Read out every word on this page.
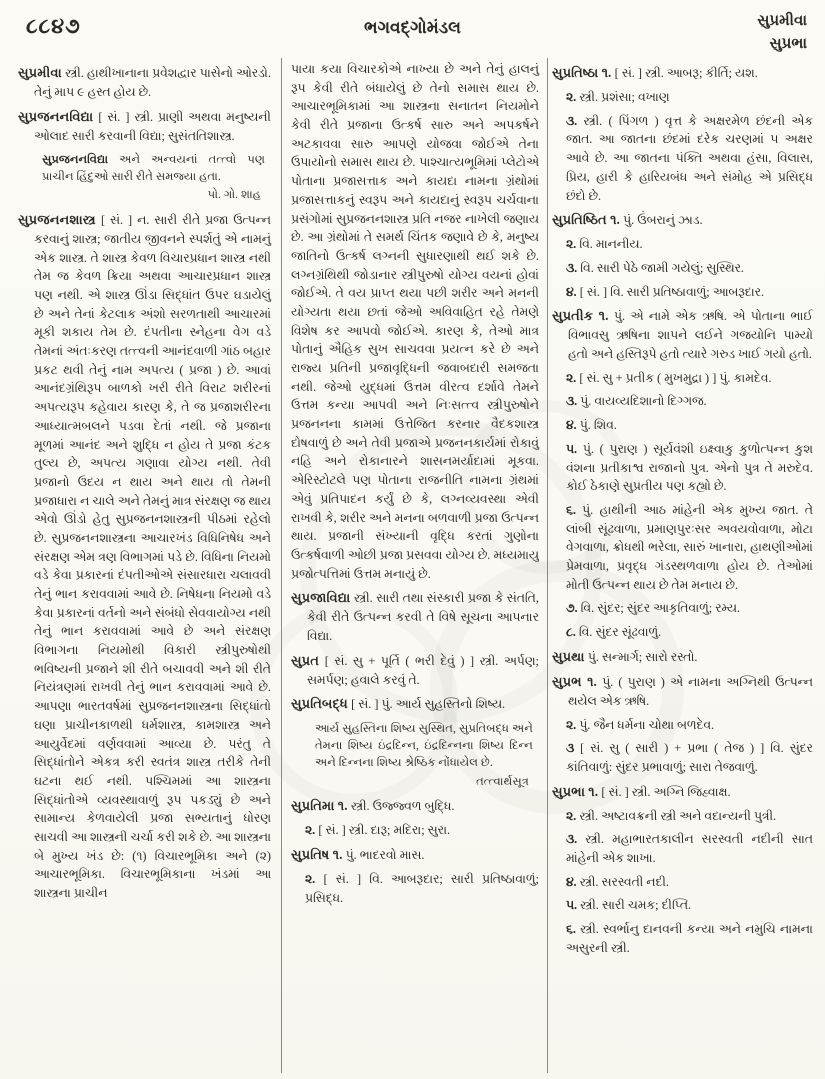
૮૮૪૭	ભગવદ્ગોમંડલ	સુપ્રમીવા
સુપ્રભા

સુપ્રમીવા સ્ત્રી. હાથીખાનાના પ્રવેશદ્વાર પાસેનો ઓરડો. તેનું માપ ૯ હસ્ત હોય છે.

સુપ્રજનનવિદ્યા [ સં. ] સ્ત્રી. પ્રાણી અથવા મનુષ્યની ઓલાદ સારી કરવાની વિદ્યા; સુસંતતિશાસ્ત્ર.

સુપ્રજનનવિદ્યા અને અન્વયનાં તત્ત્વો પણ પ્રાચીન હિંદુઓ સારી રીતે સમજ્યા હતા.

પો. ગો. શાહ

સુપ્રજનનશાસ્ત્ર [ સં. ] ન. સારી રીતે પ્રજા ઉત્પન્ન કરવાનું શાસ્ત્ર; જાતીય જીવનને સ્પર્શતું એ નામનું એક શાસ્ત્ર. તે શાસ્ત્ર કેવળ વિચારપ્રધાન શાસ્ત્ર નથી તેમ જ કેવળ ક્રિયા અથવા આચારપ્રધાન શાસ્ત્ર પણ નથી. એ શાસ્ત્ર ઊંડા સિદ્ધાંત ઉપર ઘડાયેલું છે અને તેનાં કેટલાક અંશો સરળતાથી આચારમાં મૂકી શકાય તેમ છે. દંપતીના સ્નેહના વેગ વડે તેમનાં અંતઃકરણ તત્ત્વની આનંદવાળી ગાંઠ બહાર પ્રકટ થવી તેનું નામ અપત્ય ( પ્રજા ) છે. આવાં આનંદગ્રંથિરૂપ બાળકો ખરી રીતે વિરાટ શરીરનાં અપત્યરૂપ કહેવાય કારણ કે, તે જ પ્રજાશરીરના આધ્યાત્મબલને પડવા દેતાં નથી. જે પ્રજાના મૂળમાં આનંદ અને શુદ્ધિ ન હોય તે પ્રજા કંટક તુલ્ય છે, અપત્ય ગણાવા યોગ્ય નથી. તેવી પ્રજાનો ઉદય ન થાય અને થાય તો તેમની પ્રજાધારા ન ચાલે અને તેમનું માત્ર સંરક્ષણ જ થાય એવો ઊંડો હેતુ સુપ્રજનનશાસ્ત્રની પીઠમાં રહેલો છે. સુપ્રજનનશાસ્ત્રના આચારખંડ વિધિનિષેધ અને સંરક્ષણ એમ ત્રણ વિભાગમાં પડે છે. વિધિના નિયમો વડે કેવા પ્રકારનાં દંપતીઓએ સંસારધારા ચલાવવી તેનું ભાન કરાવવામાં આવે છે. નિષેધના નિયમો વડે કેવા પ્રકારનાં વર્તનો અને સંબંધો સેવવાયોગ્ય નથી તેનું ભાન કરાવવામાં આવે છે અને સંરક્ષણ વિભાગના નિયમોથી વિકારી સ્ત્રીપુરુષોથી ભવિષ્યની પ્રજાને શી રીતે બચાવવી અને શી રીતે નિયંત્રણમાં રાખવી તેનું ભાન કરાવવામાં આવે છે. આપણા ભારતવર્ષમાં સુપ્રજનનશાસ્ત્રના સિદ્ધાંતો ઘણા પ્રાચીનકાળથી ધર્મશાસ્ત્ર, કામશાસ્ત્ર અને આયુર્વેદમાં વર્ણવવામાં આવ્યા છે. પરંતુ તે સિદ્ધાંતોને એકત્ર કરી સ્વતંત્ર શાસ્ત્ર તરીકે તેની ઘટના થઈ નથી. પશ્ચિમમાં આ શાસ્ત્રના સિદ્ધાંતોએ વ્યવસ્થાવાળું રૂપ પકડ્યું છે અને સામાન્ય કેળવાયેલી પ્રજા સભ્યતાનું ધોરણ સાચવી આ શાસ્ત્રની ચર્ચા કરી શકે છે. આ શાસ્ત્રના બે મુખ્ય ખંડ છે: (૧) વિચારભૂમિકા અને (૨) આચારભૂમિકા. વિચારભૂમિકાના ખંડમાં આ શાસ્ત્રના પ્રાચીન

પાયા કયા વિચારકોએ નાખ્યા છે અને તેનું હાલનું રૂપ કેવી રીતે બંધાયેલું છે તેનો સમાસ થાય છે. આચારભૂમિકામાં આ શાસ્ત્રના સનાતન નિયમોને કેવી રીતે પ્રજાના ઉત્કર્ષ સારુ અને અપકર્ષને અટકાવવા સારુ આપણે યોજવા જોઈએ તેના ઉપાયોનો સમાસ થાય છે. પાશ્ચાત્યભૂમિમાં પ્લેટોએ પોતાના પ્રજાસત્તાક અને કાયદા નામના ગ્રંથોમાં પ્રજાસત્તાકનું સ્વરૂપ અને કાયદાનું સ્વરૂપ ચર્ચવાના પ્રસંગોમાં સુપ્રજનનશાસ્ત્ર પ્રતિ નજર નાખેલી જણાય છે. આ ગ્રંથોમાં તે સમર્થ ચિંતક જણાવે છે કે, મનુષ્ય જાતિનો ઉત્કર્ષ લગ્નની સુધારણાથી થઈ શકે છે. લગ્નગ્રંથિથી જોડાનાર સ્ત્રીપુરુષો યોગ્ય વયનાં હોવાં જોઈએ. તે વય પ્રાપ્ત થયા પછી શરીર અને મનની યોગ્યતા થયા છતાં જેઓ અવિવાહિત રહે તેમણે વિશેષ કર આપવો જોઈએ. કારણ કે, તેઓ માત્ર પોતાનું ઐહિક સુખ સાચવવા પ્રયત્ન કરે છે અને રાજ્ય પ્રતિની પ્રજાવૃદ્ધિની જવાબદારી સમજતા નથી. જેઓ યુદ્ધમાં ઉત્તમ વીરત્વ દર્શાવે તેમને ઉત્તમ કન્યા આપવી અને નિઃસત્ત્વ સ્ત્રીપુરુષોને પ્રજનનના કામમાં ઉત્તેજિત કરનાર વૈદકશાસ્ત્ર દોષવાળું છે અને તેવી પ્રજાએ પ્રજનનકાર્યમાં રોકાવું નહિ અને રોકાનારને શાસનમર્યાદામાં મૂકવા. એરિસ્ટોટલે પણ પોતાના રાજનીતિ નામના ગ્રંથમાં એવું પ્રતિપાદન કર્યું છે કે, લગ્નવ્યવસ્થા એવી રાખવી કે, શરીર અને મનના બળવાળી પ્રજા ઉત્પન્ન થાય. પ્રજાની સંખ્યાની વૃદ્ધિ કરતાં ગુણોના ઉત્કર્ષવાળી ઓછી પ્રજા પ્રસવવા યોગ્ય છે. મધ્યમાયુ પ્રજોત્પત્તિમાં ઉત્તમ મનાયું છે.

સુપ્રજાવિદ્યા સ્ત્રી. સારી તથા સંસ્કારી પ્રજા કે સંતતિ, કેવી રીતે ઉત્પન્ન કરવી તે વિષે સૂચના આપનાર વિદ્યા.

સુપ્રત [ સં. સુ + પૂર્તિ ( ભરી દેવું ) ] સ્ત્રી. અર્પણ; સમર્પણ; હવાલે કરવું તે.

સુપ્રતિબદ્ધ [ સં. ] પું. આર્ય સુહસ્તિનો શિષ્ય.

આર્ય સુહસ્તિના શિષ્ય સુસ્થિત, સુપ્રતિબદ્ધ અને તેમના શિષ્ય ઇંદ્રદિન્ન, ઇંદ્રદિન્નના શિષ્ય દિન્ન અને દિન્નના શિષ્ય શ્રેષ્ઠિક નોંધાયેલ છે.

તત્ત્વાર્થસૂત્ર

સુપ્રતિમા ૧. સ્ત્રી. ઉજ્જ્વળ બુદ્ધિ.

૨. [ સં. ] સ્ત્રી. દારૂ; મદિરા; સુરા.

સુપ્રતિષ ૧. પું. ભાદરવો માસ.

૨. [ સં. ] વિ. આબરૂદાર; સારી પ્રતિષ્ઠાવાળું; પ્રસિદ્ધ.

સુપ્રતિષ્ઠા ૧. [ સં. ] સ્ત્રી. આબરૂ; કીર્તિ; યશ.

૨. સ્ત્રી. પ્રશંસા; વખાણ

૩. સ્ત્રી. ( પિંગળ ) વૃત્ત કે અક્ષરમેળ છંદની એક જાત. આ જાતના છંદમાં દરેક ચરણમાં ૫ અક્ષર આવે છે. આ જાતના પંક્તિ અથવા હંસા, વિલાસ, પ્રિય, હારી કે હારિયબંધ અને સંમોહ એ પ્રસિદ્ધ છંદો છે.

સુપ્રતિષ્ઠિત ૧. પું. ઉંબરાનું ઝાડ.

૨. વિ. માનનીય.

૩. વિ. સારી પેઠે જામી ગયેલું; સુસ્થિર.

૪. [ સં. ] વિ. સારી પ્રતિષ્ઠાવાળું; આબરૂદાર.

સુપ્રતીક ૧. પું. એ નામે એક ઋષિ. એ પોતાના ભાઈ વિભાવસુ ઋષિના શાપને લઈને ગજયોનિ પામ્યો હતો અને હસ્તિરૂપે હતો ત્યારે ગરુડ ખાઈ ગયો હતો.

૨. [ સં. સુ + પ્રતીક ( મુખમુદ્રા ) ] પું. કામદેવ.

૩. પું. વાયવ્યદિશાનો દિગ્ગજ.

૪. પું. શિવ.

૫. પું. ( પુરાણ ) સૂર્યવંશી ઇક્ષ્વાકુ કુળોત્પન્ન કુશ વંશના પ્રતીકાશ્વ રાજાનો પુત્ર. એનો પુત્ર તે મરુદેવ. કોઈ ઠેકાણે સુપ્રતીય પણ કહ્યો છે.

૬. પું. હાથીની આઠ માંહેની એક મુખ્ય જાત. તે લાંબી સૂંઢવાળા, પ્રમાણપુરઃસર અવયવોવાળા, મોટા વેગવાળા, ક્રોધથી ભરેલા, સારું ખાનારા, હાથણીઓમાં પ્રેમવાળા, પ્રવૃદ્ધ ગંડસ્થળવાળા હોય છે. તેઓમાં મોતી ઉત્પન્ન થાય છે તેમ મનાય છે.

૭. વિ. સુંદર; સુંદર આકૃતિવાળું; રમ્ય.

૮. વિ. સુંદર સૂંઢવાળું.

સુપ્રથા પું. સન્માર્ગ; સારો રસ્તો.

સુપ્રભ ૧. પું. ( પુરાણ ) એ નામના અગ્નિથી ઉત્પન્ન થયેલ એક ઋષિ.

૨. પું. જૈન ધર્મના ચોથા બળદેવ.

૩ [ સં. સુ ( સારી ) + પ્રભા ( તેજ ) ] વિ. સુંદર કાંતિવાળું: સુંદર પ્રભાવાળું; સારા તેજવાળું.

સુપ્રભા ૧. [ સં. ] સ્ત્રી. અગ્નિ જિહ્વાક્ષ.

૨. સ્ત્રી. અષ્ટાવક્રની સ્ત્રી અને વદાન્યની પુત્રી.

૩. સ્ત્રી. મહાભારતકાલીન સરસ્વતી નદીની સાત માંહેની એક શાખા.

૪. સ્ત્રી. સરસ્વતી નદી.

૫. સ્ત્રી. સારી ચમક; દીપ્તિ.

૬. સ્ત્રી. સ્વર્ભાનુ દાનવની કન્યા અને નમુચિ નામના અસુરની સ્ત્રી.
